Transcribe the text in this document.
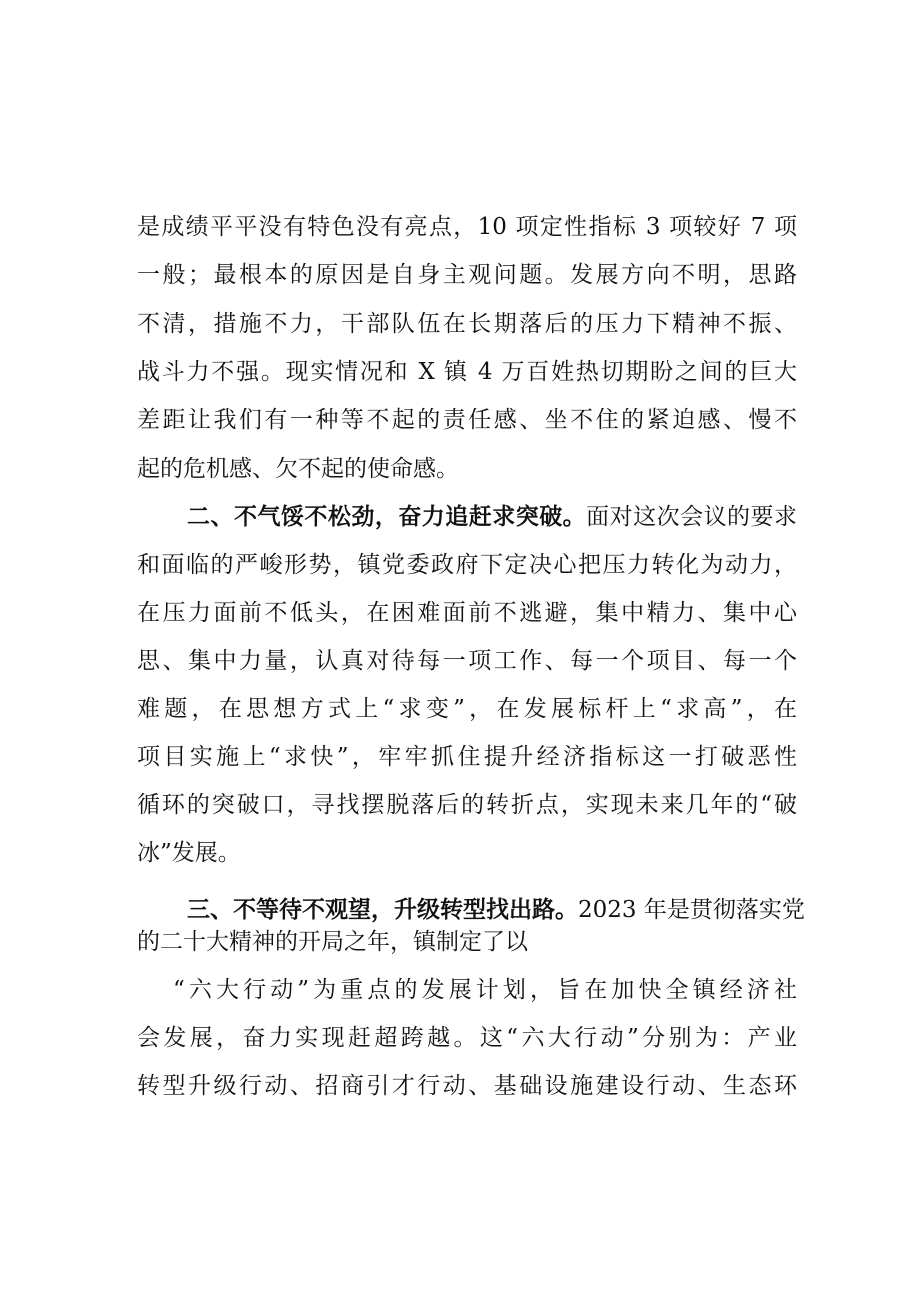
是成绩平平没有特色没有亮点，10 项定性指标 3 项较好 7 项
一般；最根本的原因是自身主观问题。发展方向不明，思路
不清，措施不力，干部队伍在长期落后的压力下精神不振、
战斗力不强。现实情况和 X 镇 4 万百姓热切期盼之间的巨大
差距让我们有一种等不起的责任感、坐不住的紧迫感、慢不
起的危机感、欠不起的使命感。
二、不气馁不松劲，奋力追赶求突破。面对这次会议的要求
和面临的严峻形势，镇党委政府下定决心把压力转化为动力，
在压力面前不低头，在困难面前不逃避，集中精力、集中心
思、集中力量，认真对待每一项工作、每一个项目、每一个
难题，在思想方式上“求变”，在发展标杆上“求高”，在
项目实施上“求快”，牢牢抓住提升经济指标这一打破恶性
循环的突破口，寻找摆脱落后的转折点，实现未来几年的“破
冰”发展。
三、不等待不观望，升级转型找出路。2023 年是贯彻落实党
的二十大精神的开局之年，镇制定了以
“六大行动”为重点的发展计划，旨在加快全镇经济社
会发展，奋力实现赶超跨越。这“六大行动”分别为：产业
转型升级行动、招商引才行动、基础设施建设行动、生态环
